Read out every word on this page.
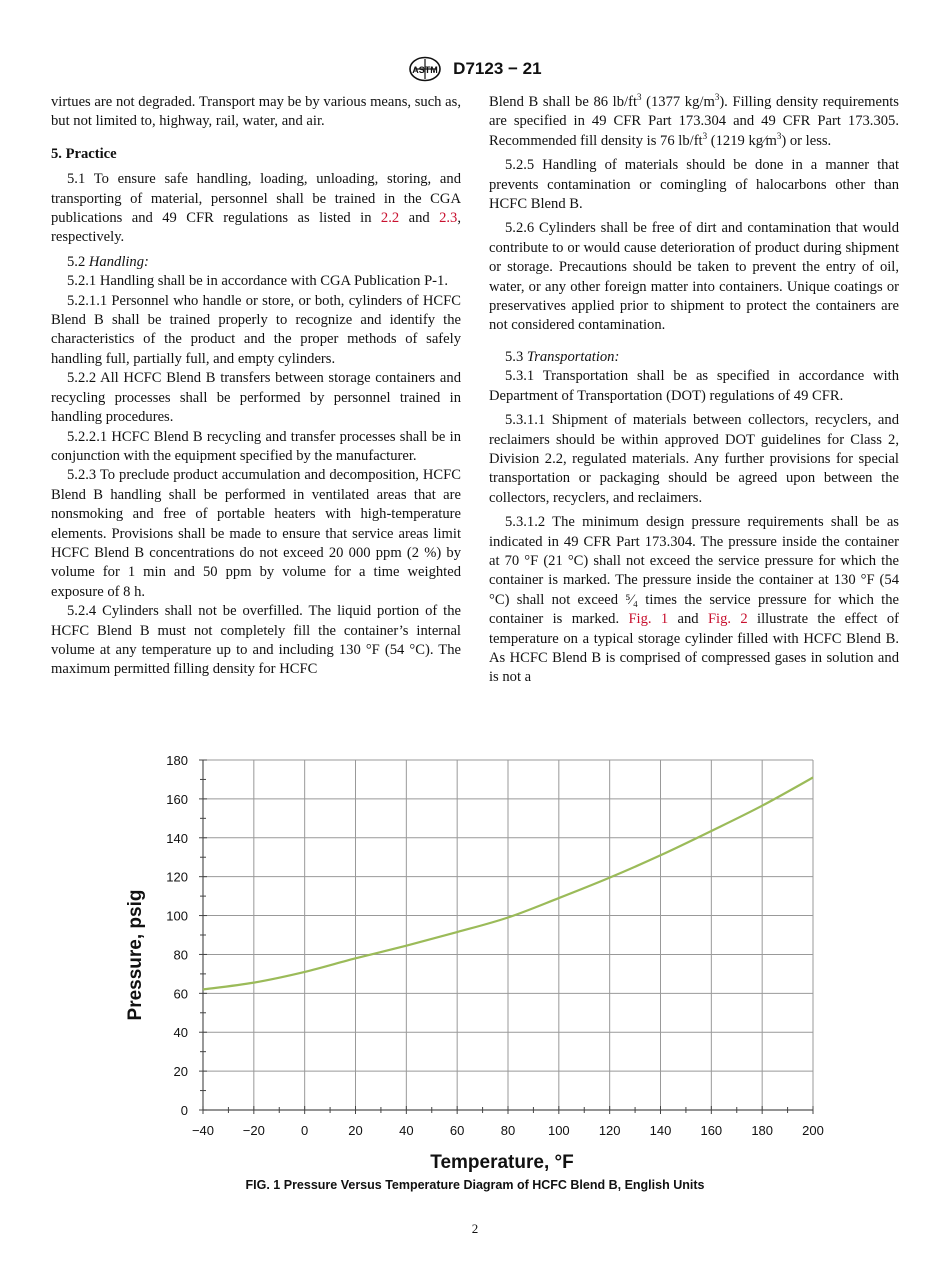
ASTM D7123 − 21

virtues are not degraded. Transport may be by various means, such as, but not limited to, highway, rail, water, and air.

5. Practice

5.1 To ensure safe handling, loading, unloading, storing, and transporting of material, personnel shall be trained in the CGA publications and 49 CFR regulations as listed in 2.2 and 2.3, respectively.

5.2 Handling:

5.2.1 Handling shall be in accordance with CGA Publication P-1.

5.2.1.1 Personnel who handle or store, or both, cylinders of HCFC Blend B shall be trained properly to recognize and identify the characteristics of the product and the proper methods of safely handling full, partially full, and empty cylinders.

5.2.2 All HCFC Blend B transfers between storage containers and recycling processes shall be performed by personnel trained in handling procedures.

5.2.2.1 HCFC Blend B recycling and transfer processes shall be in conjunction with the equipment specified by the manufacturer.

5.2.3 To preclude product accumulation and decomposition, HCFC Blend B handling shall be performed in ventilated areas that are nonsmoking and free of portable heaters with high-temperature elements. Provisions shall be made to ensure that service areas limit HCFC Blend B concentrations do not exceed 20 000 ppm (2 %) by volume for 1 min and 50 ppm by volume for a time weighted exposure of 8 h.

5.2.4 Cylinders shall not be overfilled. The liquid portion of the HCFC Blend B must not completely fill the container’s internal volume at any temperature up to and including 130 °F (54 °C). The maximum permitted filling density for HCFC

Blend B shall be 86 $lb/ft^3$ (1377 $kg/m^3$). Filling density requirements are specified in 49 CFR Part 173.304 and 49 CFR Part 173.305. Recommended fill density is 76 $lb/ft^3$ (1219 $kg⁄m^3$) or less.

5.2.5 Handling of materials should be done in a manner that prevents contamination or comingling of halocarbons other than HCFC Blend B.

5.2.6 Cylinders shall be free of dirt and contamination that would contribute to or would cause deterioration of product during shipment or storage. Precautions should be taken to prevent the entry of oil, water, or any other foreign matter into containers. Unique coatings or preservatives applied prior to shipment to protect the containers are not considered contamination.

5.3 Transportation:

5.3.1 Transportation shall be as specified in accordance with Department of Transportation (DOT) regulations of 49 CFR.

5.3.1.1 Shipment of materials between collectors, recyclers, and reclaimers should be within approved DOT guidelines for Class 2, Division 2.2, regulated materials. Any further provisions for special transportation or packaging should be agreed upon between the collectors, recyclers, and reclaimers.

5.3.1.2 The minimum design pressure requirements shall be as indicated in 49 CFR Part 173.304. The pressure inside the container at 70 °F (21 °C) shall not exceed the service pressure for which the container is marked. The pressure inside the container at 130 °F (54 °C) shall not exceed ⁵⁄₄ times the service pressure for which the container is marked. Fig. 1 and Fig. 2 illustrate the effect of temperature on a typical storage cylinder filled with HCFC Blend B. As HCFC Blend B is comprised of compressed gases in solution and is not a

−40 −20	0	20	40	60	80	100 120 140 160 180 200
0
20
40
60
80
100
120
140
160
180
Temperature, °F
Pressure, psig
FIG. 1 Pressure Versus Temperature Diagram of HCFC Blend B, English Units
2
